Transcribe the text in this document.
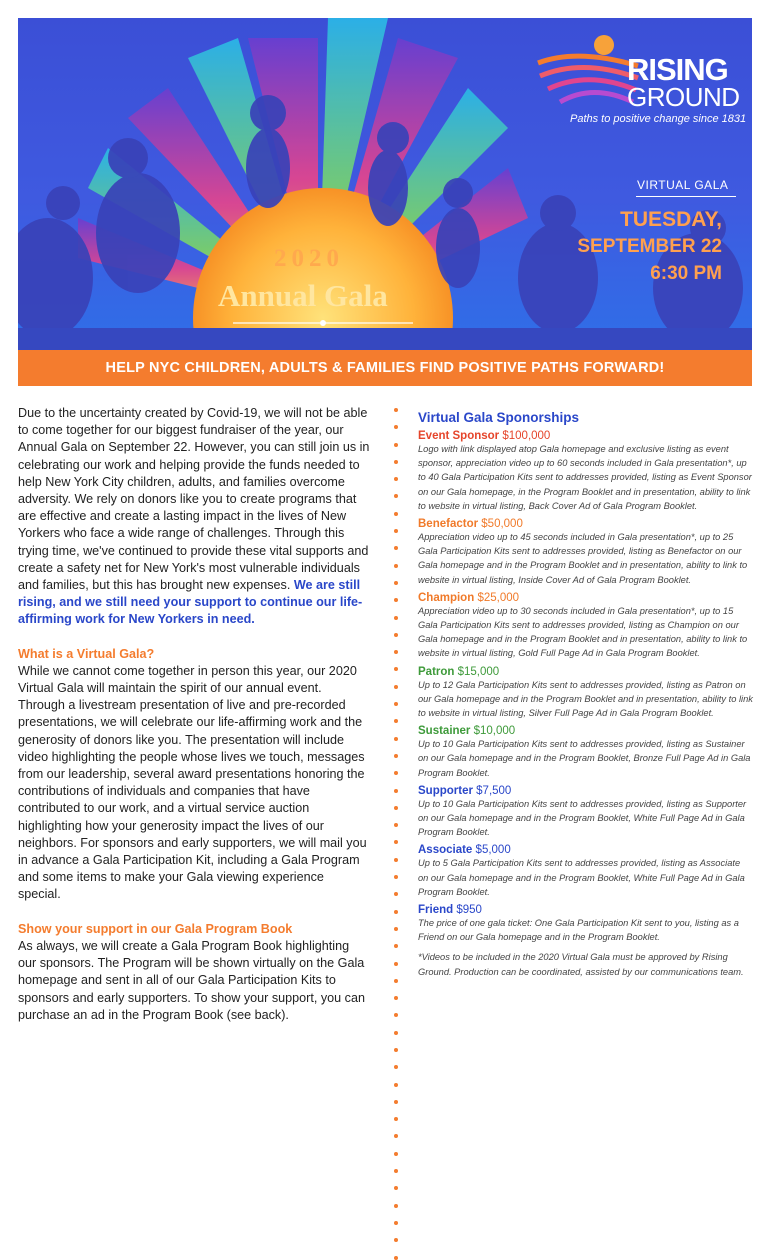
RISING
GROUND
Paths to positive change since 1831
VIRTUAL GALA
TUESDAY,
SEPTEMBER 22
6:30 PM
2020
Annual Gala
HELP NYC CHILDREN, ADULTS & FAMILIES FIND POSITIVE PATHS FORWARD!

Due to the uncertainty created by Covid-19, we will not be able to come together for our biggest fundraiser of the year, our Annual Gala on September 22. However, you can still join us in celebrating our work and helping provide the funds needed to help New York City children, adults, and families overcome adversity. We rely on donors like you to create programs that are effective and create a lasting impact in the lives of New Yorkers who face a wide range of challenges. Through this trying time, we've continued to provide these vital supports and create a safety net for New York's most vulnerable individuals and families, but this has brought new expenses. We are still rising, and we still need your support to continue our life-affirming work for New Yorkers in need.

What is a Virtual Gala?

While we cannot come together in person this year, our 2020 Virtual Gala will maintain the spirit of our annual event. Through a livestream presentation of live and pre-recorded presentations, we will celebrate our life-affirming work and the generosity of donors like you. The presentation will include video highlighting the people whose lives we touch, messages from our leadership, several award presentations honoring the contributions of individuals and companies that have contributed to our work, and a virtual service auction highlighting how your generosity impact the lives of our neighbors. For sponsors and early supporters, we will mail you in advance a Gala Participation Kit, including a Gala Program and some items to make your Gala viewing experience special.

Show your support in our Gala Program Book

As always, we will create a Gala Program Book highlighting our sponsors. The Program will be shown virtually on the Gala homepage and sent in all of our Gala Participation Kits to sponsors and early supporters. To show your support, you can purchase an ad in the Program Book (see back).

Virtual Gala Sponorships
Event Sponsor $100,000
Logo with link displayed atop Gala homepage and exclusive listing as event sponsor, appreciation video up to 60 seconds included in Gala presentation*, up to 40 Gala Participation Kits sent to addresses provided, listing as Event Sponsor on our Gala homepage, in the Program Booklet and in presentation, ability to link to website in virtual listing, Back Cover Ad of Gala Program Booklet.
Benefactor $50,000
Appreciation video up to 45 seconds included in Gala presentation*, up to 25 Gala Participation Kits sent to addresses provided, listing as Benefactor on our Gala homepage and in the Program Booklet and in presentation, ability to link to website in virtual listing, Inside Cover Ad of Gala Program Booklet.
Champion $25,000
Appreciation video up to 30 seconds included in Gala presentation*, up to 15 Gala Participation Kits sent to addresses provided, listing as Champion on our Gala homepage and in the Program Booklet and in presentation, ability to link to website in virtual listing, Gold Full Page Ad in Gala Program Booklet.
Patron $15,000
Up to 12 Gala Participation Kits sent to addresses provided, listing as Patron on our Gala homepage and in the Program Booklet and in presentation, ability to link to website in virtual listing, Silver Full Page Ad in Gala Program Booklet.
Sustainer $10,000
Up to 10 Gala Participation Kits sent to addresses provided, listing as Sustainer on our Gala homepage and in the Program Booklet, Bronze Full Page Ad in Gala Program Booklet.
Supporter $7,500
Up to 10 Gala Participation Kits sent to addresses provided, listing as Supporter on our Gala homepage and in the Program Booklet, White Full Page Ad in Gala Program Booklet.
Associate $5,000
Up to 5 Gala Participation Kits sent to addresses provided, listing as Associate on our Gala homepage and in the Program Booklet, White Full Page Ad in Gala Program Booklet.
Friend $950
The price of one gala ticket: One Gala Participation Kit sent to you, listing as a Friend on our Gala homepage and in the Program Booklet.
*Videos to be included in the 2020 Virtual Gala must be approved by Rising Ground. Production can be coordinated, assisted by our communications team.
